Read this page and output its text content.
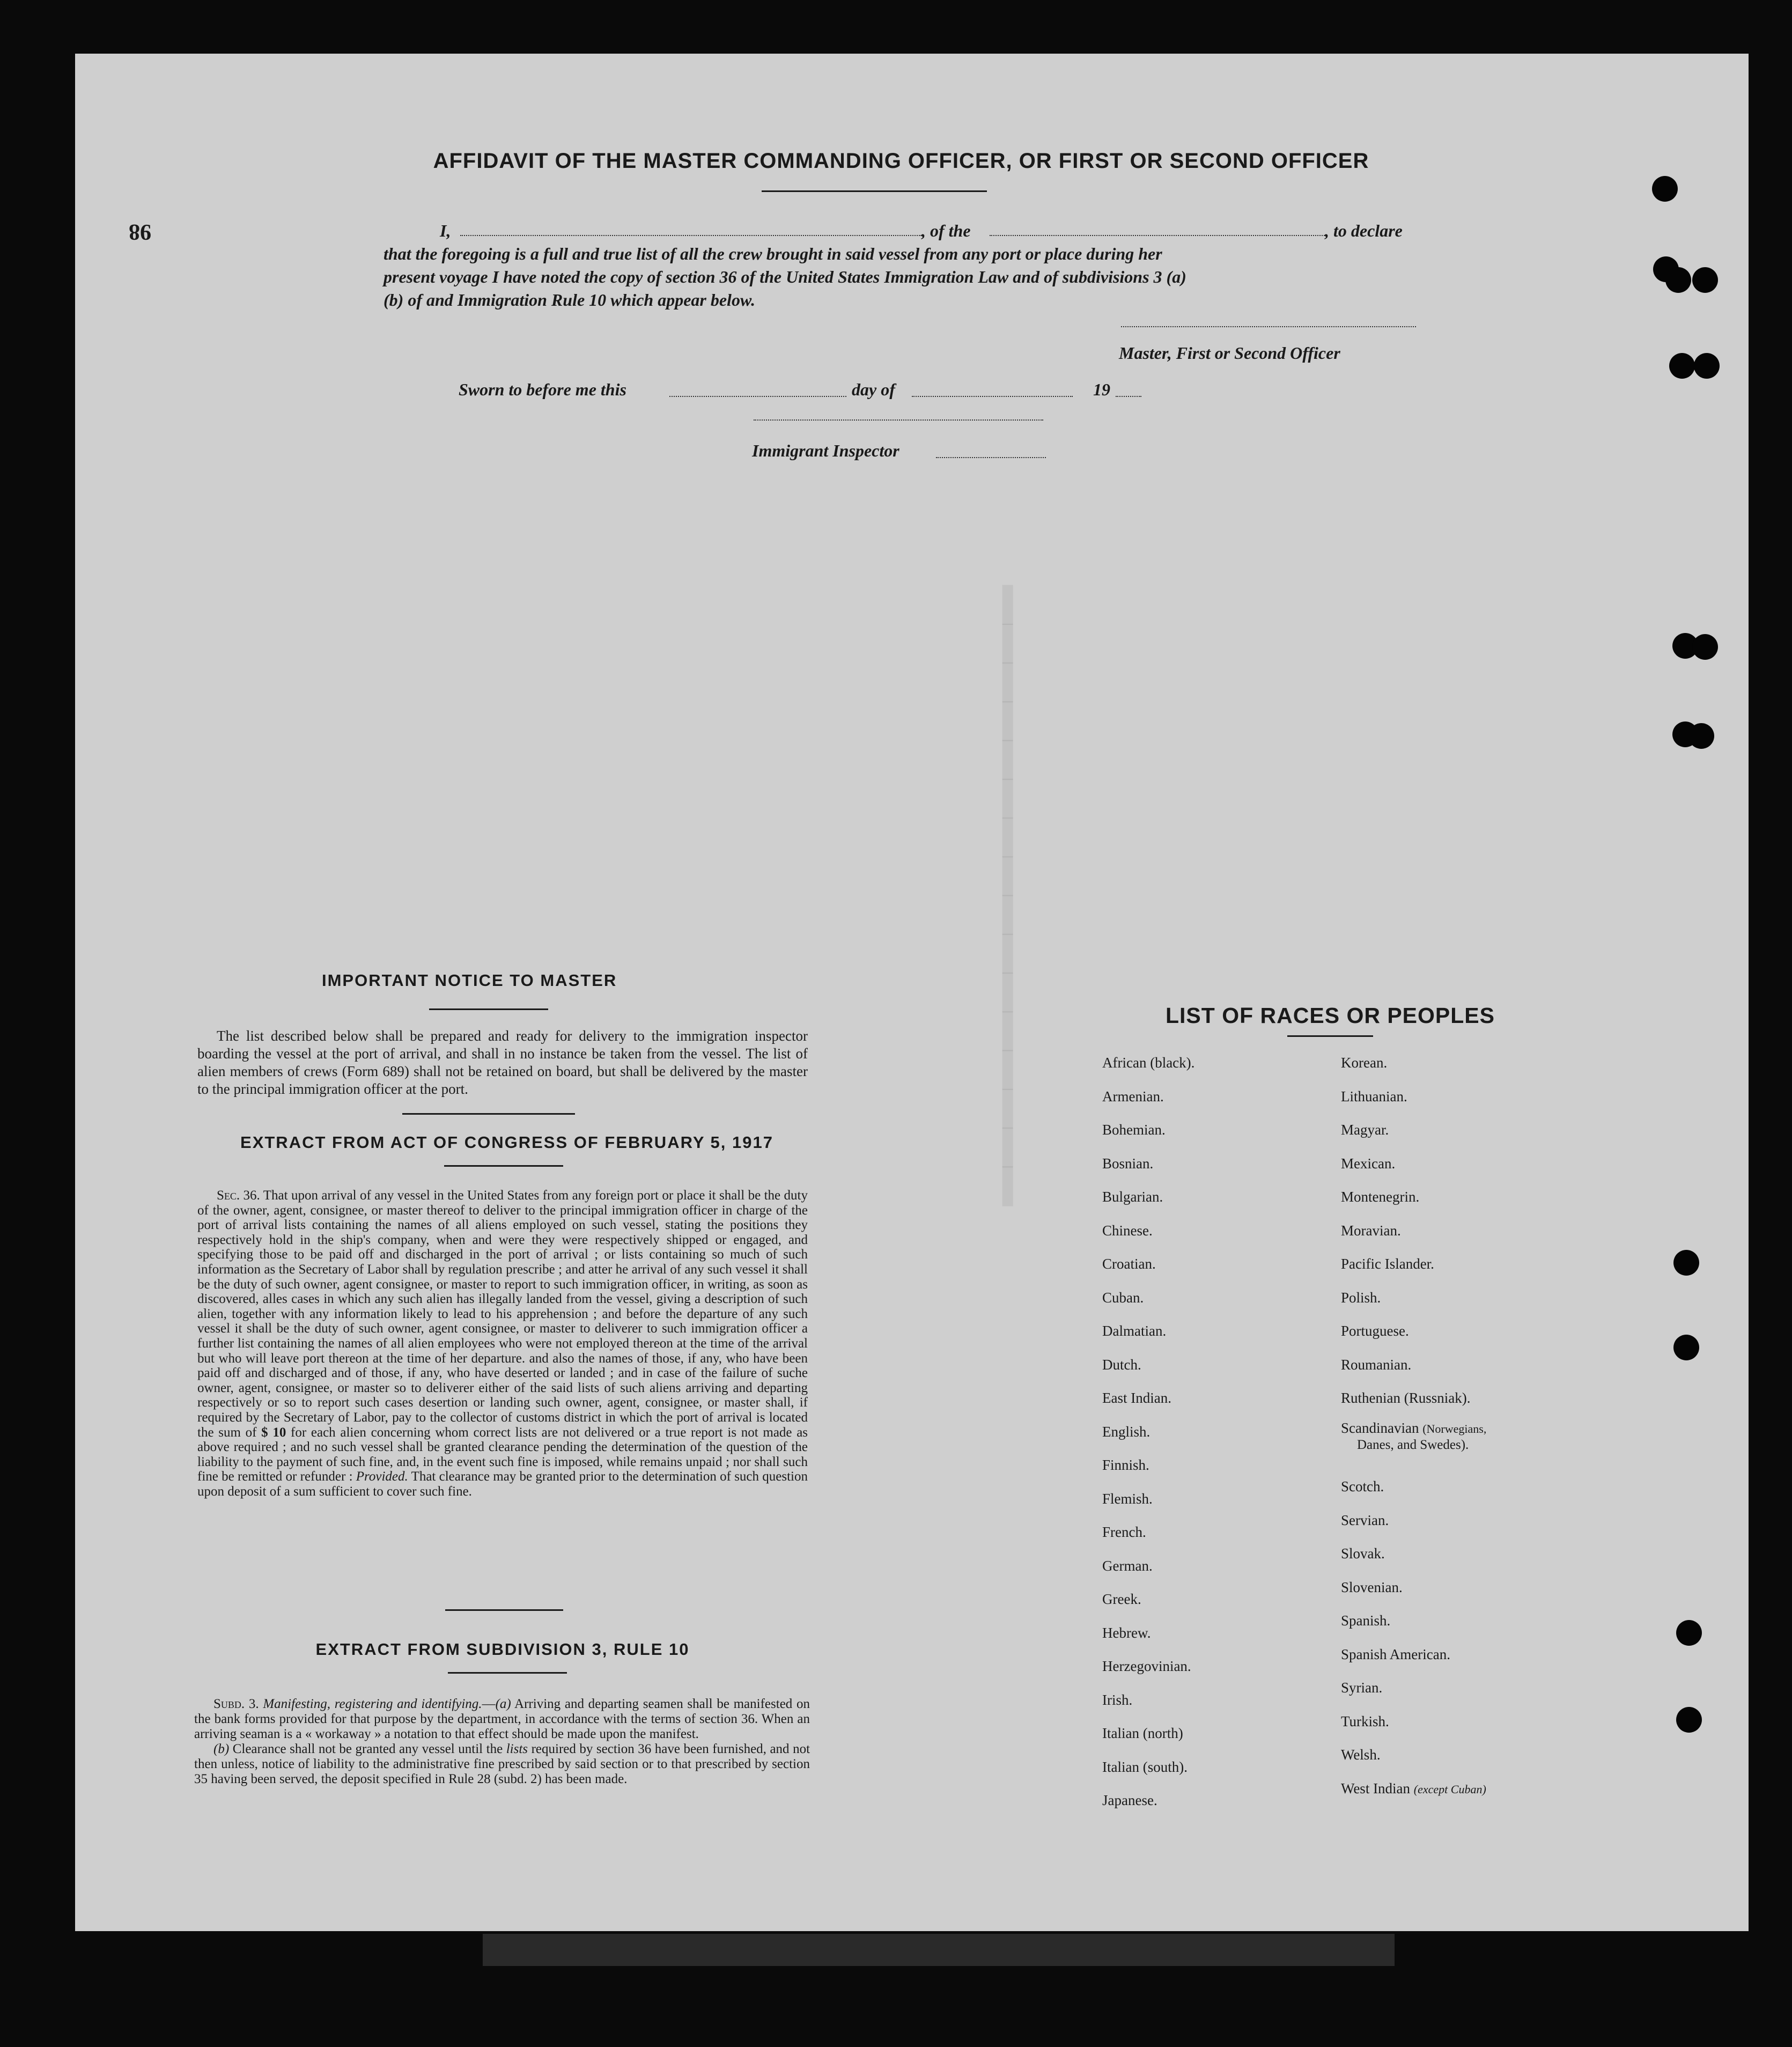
━━━━━━━━━━━━━━━━
98
AFFIDAVIT OF THE MASTER COMMANDING OFFICER, OR FIRST OR SECOND OFFICER
I,	, of the	, to declare
that the foregoing is a full and true list of all the crew brought in said vessel from any port or place during her
present voyage I have noted the copy of section 36 of the United States Immigration Law and of subdivisions 3 (a)
(b) of and Immigration Rule 10 which appear below.
Master, First or Second Officer
Sworn to before me this	day of	19
Immigrant Inspector
IMPORTANT NOTICE TO MASTER
The list described below shall be prepared and ready for delivery to the immigration inspector boarding the vessel at the port of arrival, and shall in no instance be taken from the vessel. The list of alien members of crews (Form 689) shall not be retained on board, but shall be delivered by the master to the principal immigration officer at the port.
EXTRACT FROM ACT OF CONGRESS OF FEBRUARY 5, 1917
Sec. 36. That upon arrival of any vessel in the United States from any foreign port or place it shall be the duty of the owner, agent, consignee, or master thereof to deliver to the principal immigration officer in charge of the port of arrival lists containing the names of all aliens employed on such vessel, stating the positions they respectively hold in the ship's company, when and were they were respectively shipped or engaged, and specifying those to be paid off and discharged in the port of arrival ; or lists containing so much of such information as the Secretary of Labor shall by regulation prescribe ; and atter he arrival of any such vessel it shall be the duty of such owner, agent consignee, or master to report to such immigration officer, in writing, as soon as discovered, alles cases in which any such alien has illegally landed from the vessel, giving a description of such alien, together with any information likely to lead to his apprehension ; and before the departure of any such vessel it shall be the duty of such owner, agent consignee, or master to deliverer to such immigration officer a further list containing the names of all alien employees who were not employed thereon at the time of the arrival but who will leave port thereon at the time of her departure. and also the names of those, if any, who have been paid off and discharged and of those, if any, who have deserted or landed ; and in case of the failure of suche owner, agent, consignee, or master so to deliverer either of the said lists of such aliens arriving and departing respectively or so to report such cases desertion or landing such owner, agent, consignee, or master shall, if required by the Secretary of Labor, pay to the collector of customs district in which the port of arrival is located the sum of $ 10 for each alien concerning whom correct lists are not delivered or a true report is not made as above required ; and no such vessel shall be granted clearance pending the determination of the question of the liability to the payment of such fine, and, in the event such fine is imposed, while remains unpaid ; nor shall such fine be remitted or refunder : Provided. That clearance may be granted prior to the determination of such question upon deposit of a sum sufficient to cover such fine.
EXTRACT FROM SUBDIVISION 3, RULE 10
Subd. 3. Manifesting, registering and identifying.—(a) Arriving and departing seamen shall be manifested on the bank forms provided for that purpose by the department, in accordance with the terms of section 36. When an arriving seaman is a « workaway » a notation to that effect should be made upon the manifest.
(b) Clearance shall not be granted any vessel until the lists required by section 36 have been furnished, and not then unless, notice of liability to the administrative fine prescribed by said section or to that prescribed by section 35 having been served, the deposit specified in Rule 28 (subd. 2) has been made.
LIST OF RACES OR PEOPLES
African (black).
Armenian.
Bohemian.
Bosnian.
Bulgarian.
Chinese.
Croatian.
Cuban.
Dalmatian.
Dutch.
East Indian.
English.
Finnish.
Flemish.
French.
German.
Greek.
Hebrew.
Herzegovinian.
Irish.
Italian (north)
Italian (south).
Japanese.
Korean.
Lithuanian.
Magyar.
Mexican.
Montenegrin.
Moravian.
Pacific Islander.
Polish.
Portuguese.
Roumanian.
Ruthenian (Russniak).
Scandinavian (Norwegians,
Danes, and Swedes).
Scotch.
Servian.
Slovak.
Slovenian.
Spanish.
Spanish American.
Syrian.
Turkish.
Welsh.
West Indian (except Cuban)
